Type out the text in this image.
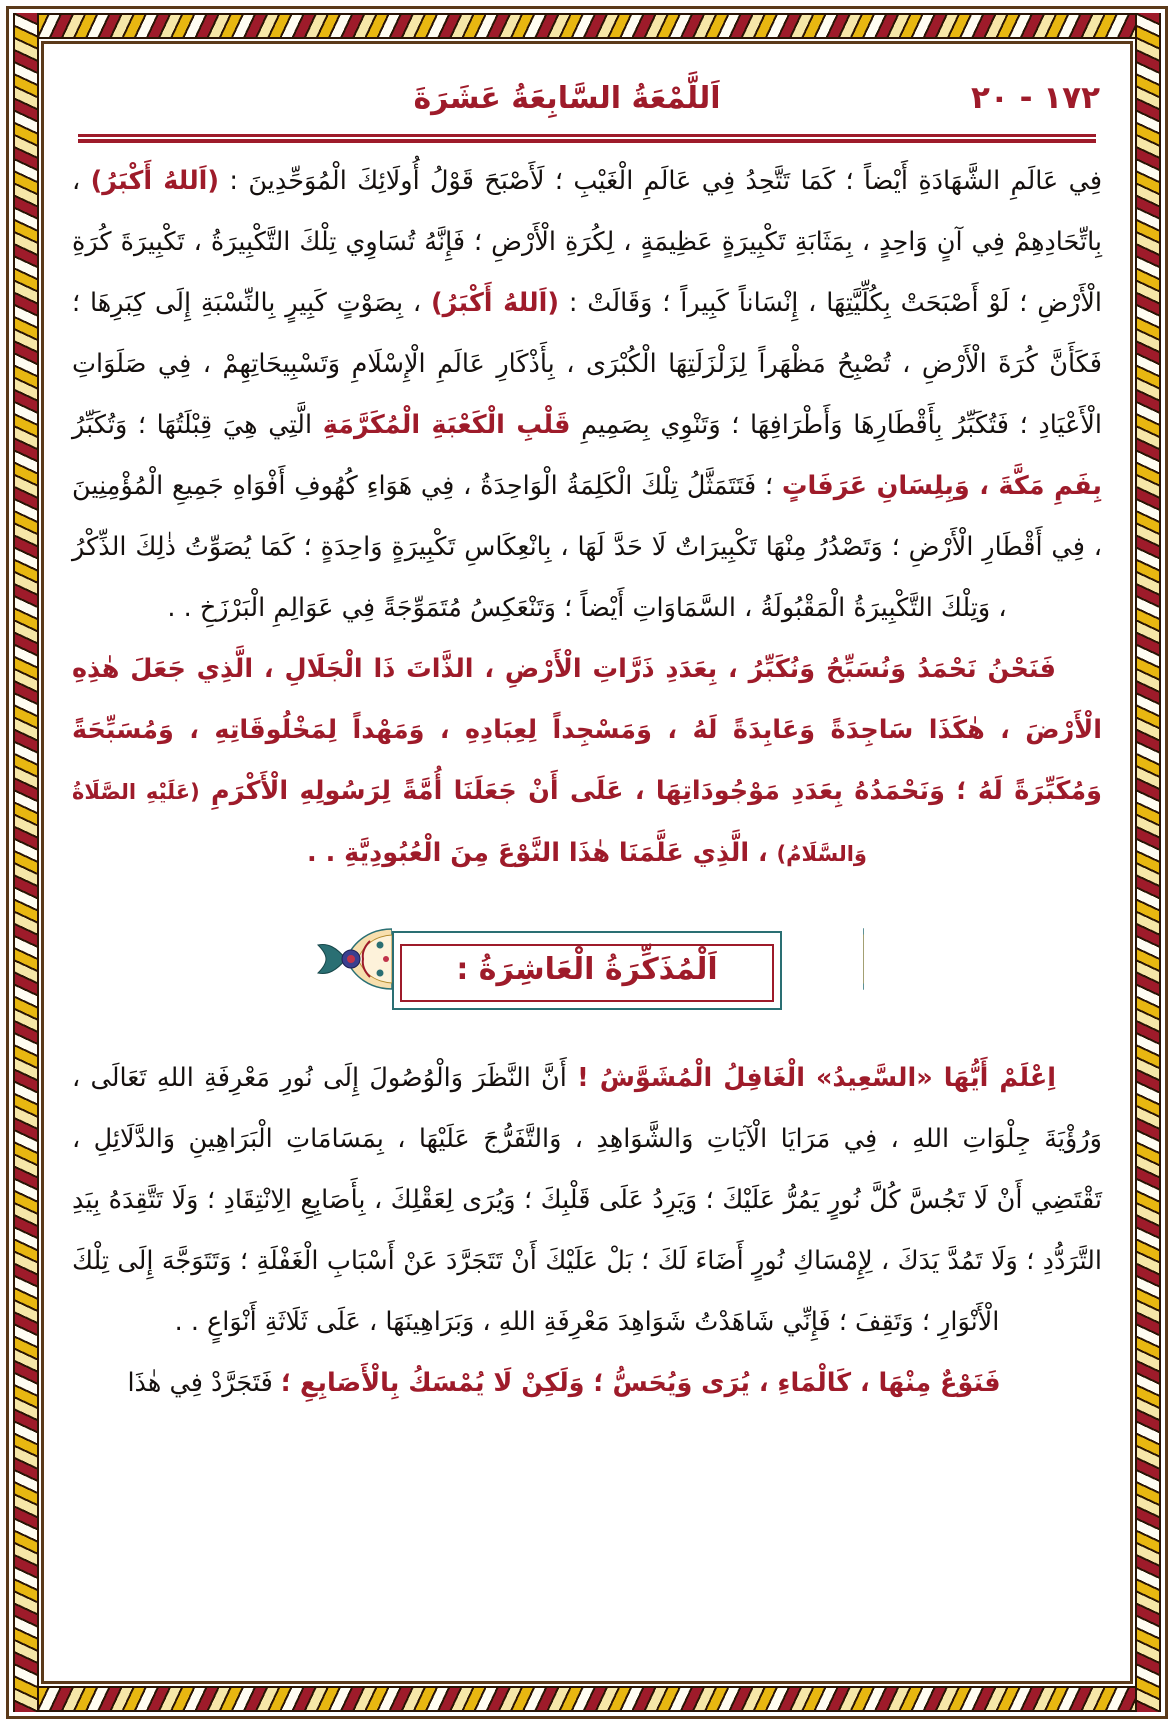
١٧٢ - ٢٠
اَللَّمْعَةُ السَّابِعَةُ عَشَرَةَ

فِي عَالَمِ الشَّهَادَةِ أَيْضاً ؛ كَمَا تَتَّحِدُ فِي عَالَمِ الْغَيْبِ ؛ لَأَصْبَحَ قَوْلُ أُولَائِكَ الْمُوَحِّدِينَ : (اَللهُ أَكْبَرُ) ، بِاتِّحَادِهِمْ فِي آنٍ وَاحِدٍ ، بِمَثَابَةِ تَكْبِيرَةٍ عَظِيمَةٍ ، لِكُرَةِ الْأَرْضِ ؛ فَإِنَّهُ تُسَاوِي تِلْكَ التَّكْبِيرَةُ ، تَكْبِيرَةَ كُرَةِ الْأَرْضِ ؛ لَوْ أَصْبَحَتْ بِكُلِّيَّتِهَا ، إِنْسَاناً كَبِيراً ؛ وَقَالَتْ : (اَللهُ أَكْبَرُ) ، بِصَوْتٍ كَبِيرٍ بِالنِّسْبَةِ إِلَى كِبَرِهَا ؛ فَكَأَنَّ كُرَةَ الْأَرْضِ ، تُصْبِحُ مَظْهَراً لِزَلْزَلَتِهَا الْكُبْرَى ، بِأَذْكَارِ عَالَمِ الْإِسْلَامِ وَتَسْبِيحَاتِهِمْ ، فِي صَلَوَاتِ الْأَعْيَادِ ؛ فَتُكَبِّرُ بِأَقْطَارِهَا وَأَطْرَافِهَا ؛ وَتَنْوِي بِصَمِيمِ قَلْبِ الْكَعْبَةِ الْمُكَرَّمَةِ الَّتِي هِيَ قِبْلَتُهَا ؛ وَتُكَبِّرُ بِفَمِ مَكَّةَ ، وَبِلِسَانِ عَرَفَاتٍ ؛ فَتَتَمَثَّلُ تِلْكَ الْكَلِمَةُ الْوَاحِدَةُ ، فِي هَوَاءِ كُهُوفِ أَفْوَاهِ جَمِيعِ الْمُؤْمِنِينَ ، فِي أَقْطَارِ الْأَرْضِ ؛ وَتَصْدُرُ مِنْهَا تَكْبِيرَاتٌ لَا حَدَّ لَهَا ، بِانْعِكَاسِ تَكْبِيرَةٍ وَاحِدَةٍ ؛ كَمَا يُصَوِّتُ ذٰلِكَ الذِّكْرُ ، وَتِلْكَ التَّكْبِيرَةُ الْمَقْبُولَةُ ، السَّمَاوَاتِ أَيْضاً ؛ وَتَنْعَكِسُ مُتَمَوِّجَةً فِي عَوَالِمِ الْبَرْزَخِ . .

فَنَحْنُ نَحْمَدُ وَنُسَبِّحُ وَنُكَبِّرُ ، بِعَدَدِ ذَرَّاتِ الْأَرْضِ ، الذَّاتَ ذَا الْجَلَالِ ، الَّذِي جَعَلَ هٰذِهِ الْأَرْضَ ، هٰكَذَا سَاجِدَةً وَعَابِدَةً لَهُ ، وَمَسْجِداً لِعِبَادِهِ ، وَمَهْداً لِمَخْلُوقَاتِهِ ، وَمُسَبِّحَةً وَمُكَبِّرَةً لَهُ ؛ وَنَحْمَدُهُ بِعَدَدِ مَوْجُودَاتِهَا ، عَلَى أَنْ جَعَلَنَا أُمَّةً لِرَسُولِهِ الْأَكْرَمِ (عَلَيْهِ الصَّلَاةُ وَالسَّلَامُ) ، الَّذِي عَلَّمَنَا هٰذَا النَّوْعَ مِنَ الْعُبُودِيَّةِ . .

اَلْمُذَكِّرَةُ الْعَاشِرَةُ :

اِعْلَمْ أَيُّهَا «السَّعِيدُ» الْغَافِلُ الْمُشَوَّشُ ! أَنَّ النَّظَرَ وَالْوُصُولَ إِلَى نُورِ مَعْرِفَةِ اللهِ تَعَالَى ، وَرُؤْيَةَ جِلْوَاتِ اللهِ ، فِي مَرَايَا الْآيَاتِ وَالشَّوَاهِدِ ، وَالتَّفَرُّجَ عَلَيْهَا ، بِمَسَامَاتِ الْبَرَاهِينِ وَالدَّلَائِلِ ، تَقْتَضِي أَنْ لَا تَجُسَّ كُلَّ نُورٍ يَمُرُّ عَلَيْكَ ؛ وَيَرِدُ عَلَى قَلْبِكَ ؛ وَيُرَى لِعَقْلِكَ ، بِأَصَابِعِ الِانْتِقَادِ ؛ وَلَا تَتَّقِدَهُ بِيَدِ التَّرَدُّدِ ؛ وَلَا تَمُدَّ يَدَكَ ، لِإِمْسَاكِ نُورٍ أَضَاءَ لَكَ ؛ بَلْ عَلَيْكَ أَنْ تَتَجَرَّدَ عَنْ أَسْبَابِ الْغَفْلَةِ ؛ وَتَتَوَجَّهَ إِلَى تِلْكَ الْأَنْوَارِ ؛ وَتَقِفَ ؛ فَإِنِّي شَاهَدْتُ شَوَاهِدَ مَعْرِفَةِ اللهِ ، وَبَرَاهِينَهَا ، عَلَى ثَلَاثَةِ أَنْوَاعٍ . .

فَنَوْعٌ مِنْهَا ، كَالْمَاءِ ، يُرَى وَيُحَسُّ ؛ وَلَكِنْ لَا يُمْسَكُ بِالْأَصَابِعِ ؛ فَتَجَرَّدْ فِي هٰذَا
